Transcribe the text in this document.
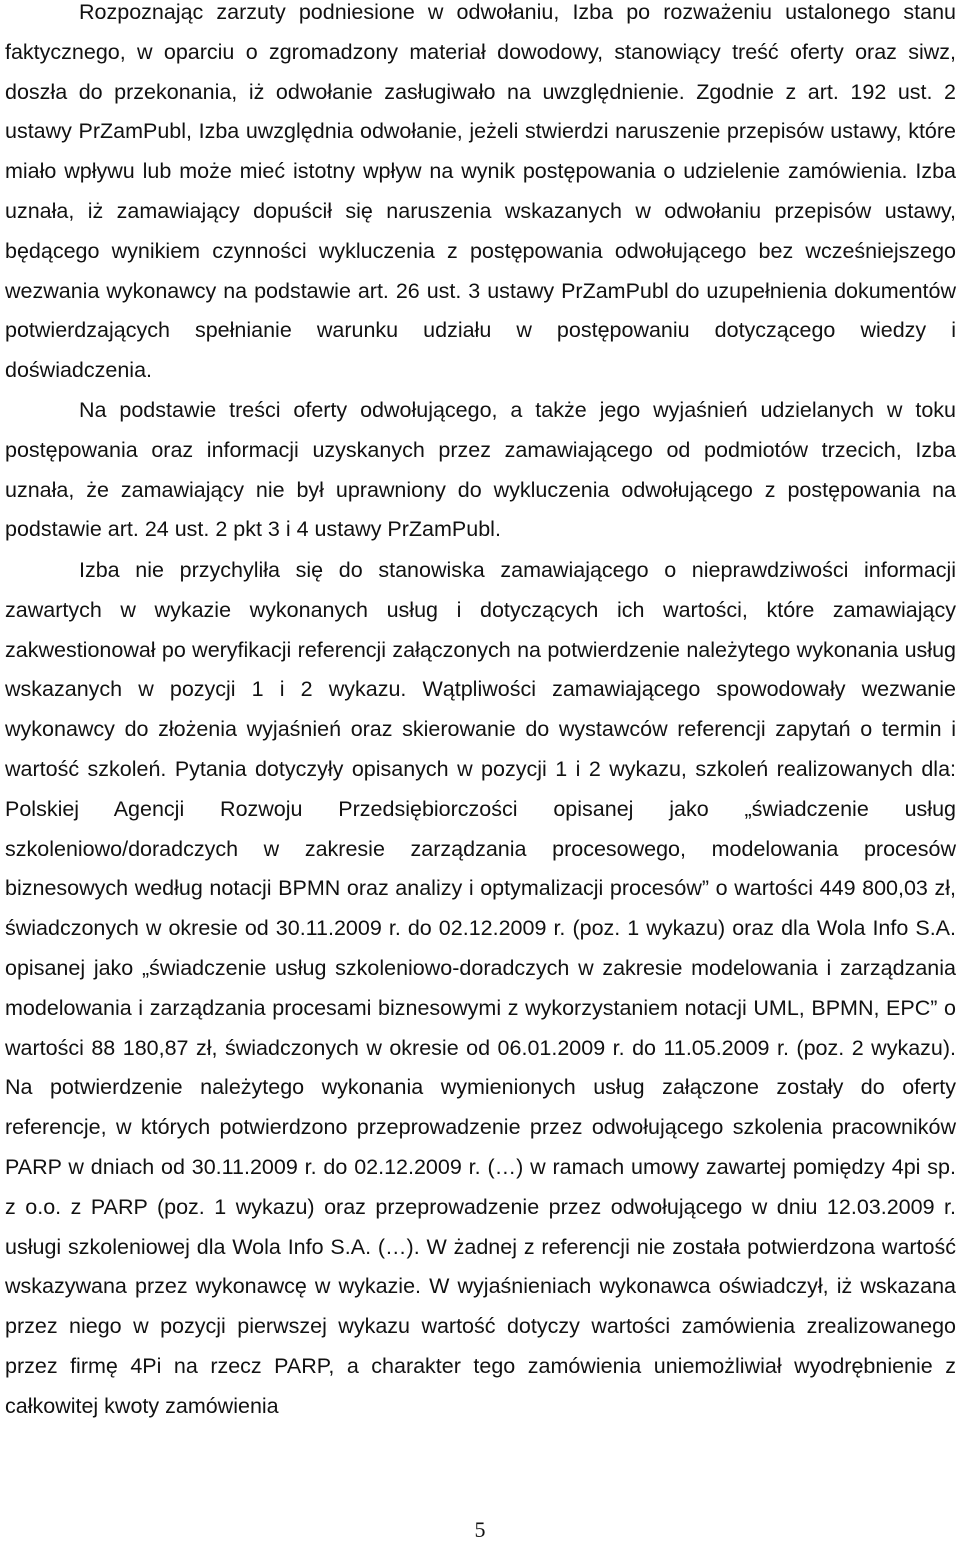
Rozpoznając zarzuty podniesione w odwołaniu, Izba po rozważeniu ustalonego stanu faktycznego, w oparciu o zgromadzony materiał dowodowy, stanowiący treść oferty oraz siwz, doszła do przekonania, iż odwołanie zasługiwało na uwzględnienie. Zgodnie z art. 192 ust. 2 ustawy PrZamPubl, Izba uwzględnia odwołanie, jeżeli stwierdzi naruszenie przepisów ustawy, które miało wpływu lub może mieć istotny wpływ na wynik postępowania o udzielenie zamówienia. Izba uznała, iż zamawiający dopuścił się naruszenia wskazanych w odwołaniu przepisów ustawy, będącego wynikiem czynności wykluczenia z postępowania odwołującego bez wcześniejszego wezwania wykonawcy na podstawie art. 26 ust. 3 ustawy PrZamPubl do uzupełnienia dokumentów potwierdzających spełnianie warunku udziału w postępowaniu dotyczącego wiedzy i doświadczenia.

Na podstawie treści oferty odwołującego, a także jego wyjaśnień udzielanych w toku postępowania oraz informacji uzyskanych przez zamawiającego od podmiotów trzecich, Izba uznała, że zamawiający nie był uprawniony do wykluczenia odwołującego z postępowania na podstawie art. 24 ust. 2 pkt 3 i 4 ustawy PrZamPubl.

Izba nie przychyliła się do stanowiska zamawiającego o nieprawdziwości informacji zawartych w wykazie wykonanych usług i dotyczących ich wartości, które zamawiający zakwestionował po weryfikacji referencji załączonych na potwierdzenie należytego wykonania usług wskazanych w pozycji 1 i 2 wykazu. Wątpliwości zamawiającego spowodowały wezwanie wykonawcy do złożenia wyjaśnień oraz skierowanie do wystawców referencji zapytań o termin i wartość szkoleń. Pytania dotyczyły opisanych w pozycji 1 i 2 wykazu, szkoleń realizowanych dla: Polskiej Agencji Rozwoju Przedsiębiorczości opisanej jako „świadczenie usług szkoleniowo/doradczych w zakresie zarządzania procesowego, modelowania procesów biznesowych według notacji BPMN oraz analizy i optymalizacji procesów” o wartości 449 800,03 zł, świadczonych w okresie od 30.11.2009 r. do 02.12.2009 r. (poz. 1 wykazu) oraz dla Wola Info S.A. opisanej jako „świadczenie usług szkoleniowo-doradczych w zakresie modelowania i zarządzania modelowania i zarządzania procesami biznesowymi z wykorzystaniem notacji UML, BPMN, EPC” o wartości 88 180,87 zł, świadczonych w okresie od 06.01.2009 r. do 11.05.2009 r. (poz. 2 wykazu). Na potwierdzenie należytego wykonania wymienionych usług załączone zostały do oferty referencje, w których potwierdzono przeprowadzenie przez odwołującego szkolenia pracowników PARP w dniach od 30.11.2009 r. do 02.12.2009 r. (…) w ramach umowy zawartej pomiędzy 4pi sp. z o.o. z PARP (poz. 1 wykazu) oraz przeprowadzenie przez odwołującego w dniu 12.03.2009 r. usługi szkoleniowej dla Wola Info S.A. (…). W żadnej z referencji nie została potwierdzona wartość wskazywana przez wykonawcę w wykazie. W wyjaśnieniach wykonawca oświadczył, iż wskazana przez niego w pozycji pierwszej wykazu wartość dotyczy wartości zamówienia zrealizowanego przez firmę 4Pi na rzecz PARP, a charakter tego zamówienia uniemożliwiał wyodrębnienie z całkowitej kwoty zamówienia

5
